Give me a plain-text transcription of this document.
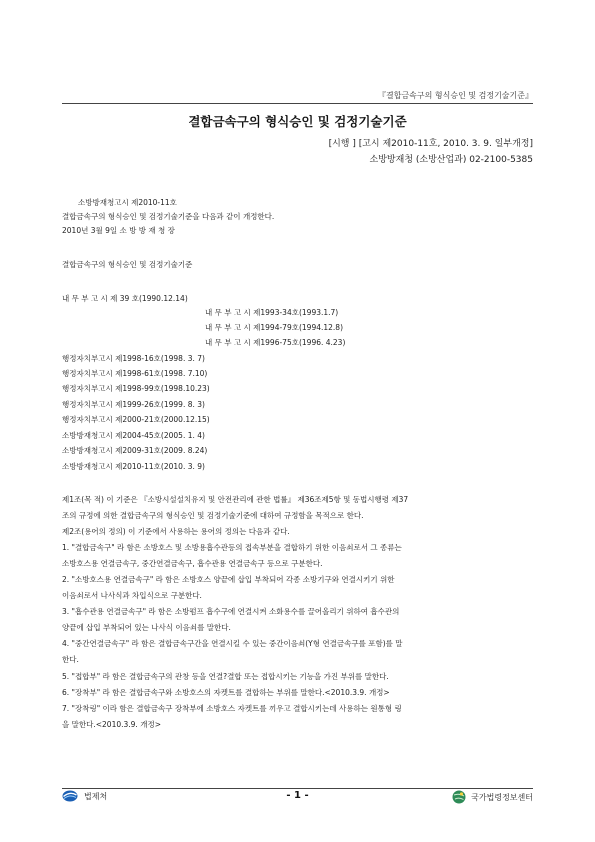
『결합금속구의 형식승인 및 검정기술기준』
결합금속구의 형식승인 및 검정기술기준
[시행 ] [고시 제2010-11호, 2010. 3. 9. 일부개정]
소방방재청 (소방산업과) 02-2100-5385
소방방재청고시 제2010-11호
결합금속구의 형식승인 및 검정기술기준을 다음과 같이 개정한다.
2010년 3월 9일 소 방 방 재 청 장
결합금속구의 형식승인 및 검정기술기준
내 무 부 고 시 제 39 호(1990.12.14)
내 무 부 고 시 제1993-34호(1993.1.7)
내 무 부 고 시 제1994-79호(1994.12.8)
내 무 부 고 시 제1996-75호(1996. 4.23)
행정자치부고시 제1998-16호(1998. 3. 7)
행정자치부고시 제1998-61호(1998. 7.10)
행정자치부고시 제1998-99호(1998.10.23)
행정자치부고시 제1999-26호(1999. 8. 3)
행정자치부고시 제2000-21호(2000.12.15)
소방방재청고시 제2004-45호(2005. 1. 4)
소방방재청고시 제2009-31호(2009. 8.24)
소방방재청고시 제2010-11호(2010. 3. 9)
제1조(목 적) 이 기준은 『소방시설설치유지 및 안전관리에 관한 법률』 제36조제5항 및 동법시행령 제37
조의 규정에 의한 결합금속구의 형식승인 및 검정기술기준에 대하여 규정함을 목적으로 한다.
제2조(용어의 정의) 이 기준에서 사용하는 용어의 정의는 다음과 같다.
1. "결합금속구" 라 함은 소방호스 및 소방용흡수관등의 접속부분을 결합하기 위한 이음쇠로서 그 종류는
소방호스용 연결금속구, 중간연결금속구, 흡수관용 연결금속구 등으로 구분한다.
2. "소방호스용 연결금속구" 라 함은 소방호스 양끝에 삽입 부착되어 각종 소방기구와 연결시키기 위한
이음쇠로서 나사식과 차입식으로 구분한다.
3. "흡수관용 연결금속구" 라 함은 소방펌프 흡수구에 연결시켜 소화용수를 끌어올리기 위하여 흡수관의
양끝에 삽입 부착되어 있는 나사식 이음쇠를 말한다.
4. "중간연결금속구" 라 함은 결합금속구간을 연결시킬 수 있는 중간이음쇠(Y형 연결금속구를 포함)를 말
한다.
5. "접합부" 라 함은 결합금속구의 관창 등을 연결?결합 또는 접합시키는 기능을 가진 부위를 말한다.
6. "장착부" 라 함은 결합금속구와 소방호스의 자켓트를 결합하는 부위를 말한다.<2010.3.9. 개정>
7. "장착링" 이라 함은 결합금속구 장착부에 소방호스 자켓트를 끼우고 결합시키는데 사용하는 원통형 링
을 말한다.<2010.3.9. 개정>
법제처	- 1 -	국가법령정보센터
